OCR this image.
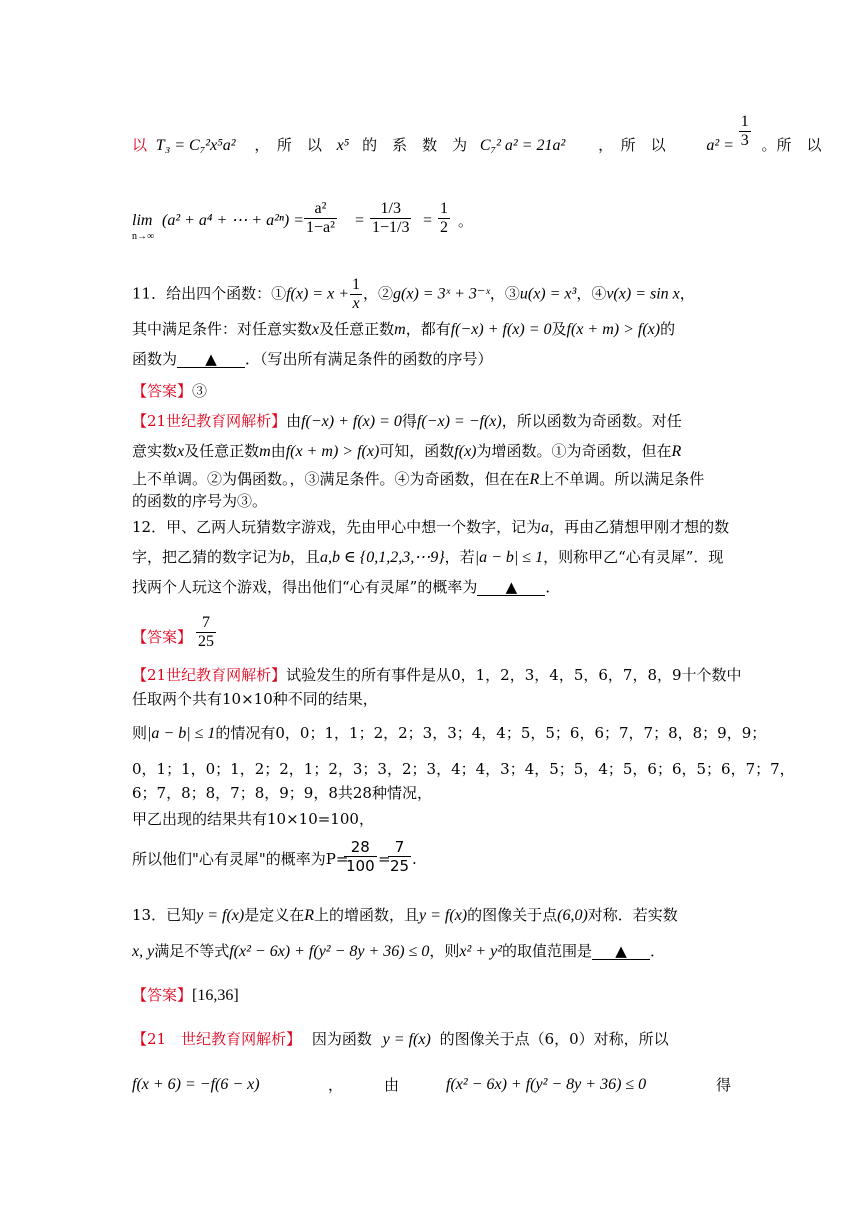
以 T₃ = C₇²x⁵a² ，　所　以 x⁵ 的　系　数　为 C₇² a² = 21a² ，　所　以	$a^2 = \frac{1}{3}$ 。所　以
lim
n→∞
(a² + a⁴ + ⋯ + $a^{2n}) = \frac{\text{a²}}{\text{1−a²}} = \frac{1/3}{1-1/3} = \frac{1}{2}$ 。
11．给出四个函数：①f(x) = $x + \frac{1}{x}$ ，②g(x) = 3ˣ + 3⁻ˣ，③u(x) = x³，④v(x) = sin x，
其中满足条件：对任意实数x及任意正数m，都有f(−x) + f(x) = 0及f(x + m) > f(x)的
函数为 ▲ ．（写出所有满足条件的函数的序号）
【答案】③
【21世纪教育网解析】由f(−x) + f(x) = 0得f(−x) = −f(x)，所以函数为奇函数。对任
意实数x及任意正数m由f(x + m) > f(x)可知，函数f(x)为增函数。①为奇函数，但在R
上不单调。②为偶函数。，③满足条件。④为奇函数，但在在R上不单调。所以满足条件
的函数的序号为③。
12．甲、乙两人玩猜数字游戏，先由甲心中想一个数字，记为a，再由乙猜想甲刚才想的数
字，把乙猜的数字记为b，且a,b ∈ {0,1,2,3,⋯9}，若|a − b| ≤ 1，则称甲乙“心有灵犀”．现
找两个人玩这个游戏，得出他们“心有灵犀”的概率为 ▲ ．
【答案】 $\frac{7}{25}$
【21世纪教育网解析】试验发生的所有事件是从0，1，2，3，4，5，6，7，8，9十个数中
任取两个共有10×10种不同的结果，
则|a − b| ≤ 1的情况有0，0；1，1；2，2；3，3；4，4；5，5；6，6；7，7；8，8；9，9；
0，1；1，0；1，2；2，1；2，3；3，2；3，4；4，3；4，5；5，4；5，6；6，5；6，7；7，
6；7，8；8，7；8，9；9，8共28种情况，
甲乙出现的结果共有10×10=100，
所以他们"心有灵犀"的概率为P=
$\frac{28}{100}$ =
$\frac{7}{25}$ .
13．已知y = f(x)是定义在R上的增函数，且y = f(x)的图像关于点(6,0)对称．若实数
x, y满足不等式f(x² − 6x) + f(y² − 8y + 36) ≤ 0，则x² + y²的取值范围是 ▲ ．
【答案】[16,36]
【21　世纪教育网解析】 因为函数 y = f(x) 的图像关于点（6，0）对称，所以
f(x + 6) = −f(6 − x)	，	由	f(x² − 6x) + f(y² − 8y + 36) ≤ 0	得
